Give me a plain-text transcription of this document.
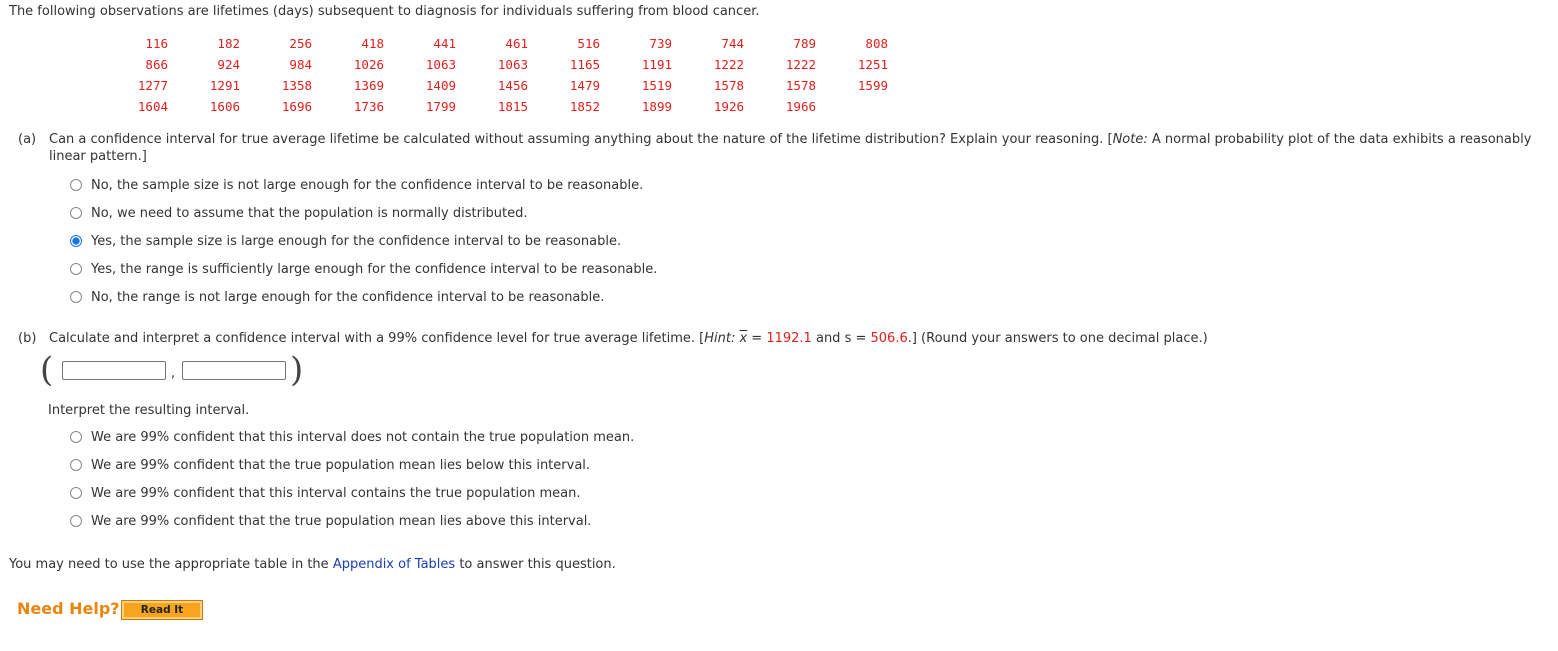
The following observations are lifetimes (days) subsequent to diagnosis for individuals suffering from blood cancer.
116	182	256	418	441	461	516	739	744	789	808
866	924	984	1026	1063	1063	1165	1191	1222	1222	1251
1277	1291	1358	1369	1409	1456	1479	1519	1578	1578	1599
1604	1606	1696	1736	1799	1815	1852	1899	1926	1966	
(a) Can a confidence interval for true average lifetime be calculated without assuming anything about the nature of the lifetime distribution? Explain your reasoning. [Note: A normal probability plot of the data exhibits a reasonably linear pattern.]
No, the sample size is not large enough for the confidence interval to be reasonable.
No, we need to assume that the population is normally distributed.
Yes, the sample size is large enough for the confidence interval to be reasonable.
Yes, the range is sufficiently large enough for the confidence interval to be reasonable.
No, the range is not large enough for the confidence interval to be reasonable.
(b) Calculate and interpret a confidence interval with a 99% confidence level for true average lifetime. [Hint: $\overline{x} = 1192.1$ and s = 506.6.] (Round your answers to one decimal place.)
(	,	)
Interpret the resulting interval.
We are 99% confident that this interval does not contain the true population mean.
We are 99% confident that the true population mean lies below this interval.
We are 99% confident that this interval contains the true population mean.
We are 99% confident that the true population mean lies above this interval.
You may need to use the appropriate table in the Appendix of Tables to answer this question.
Need Help?	Read It
